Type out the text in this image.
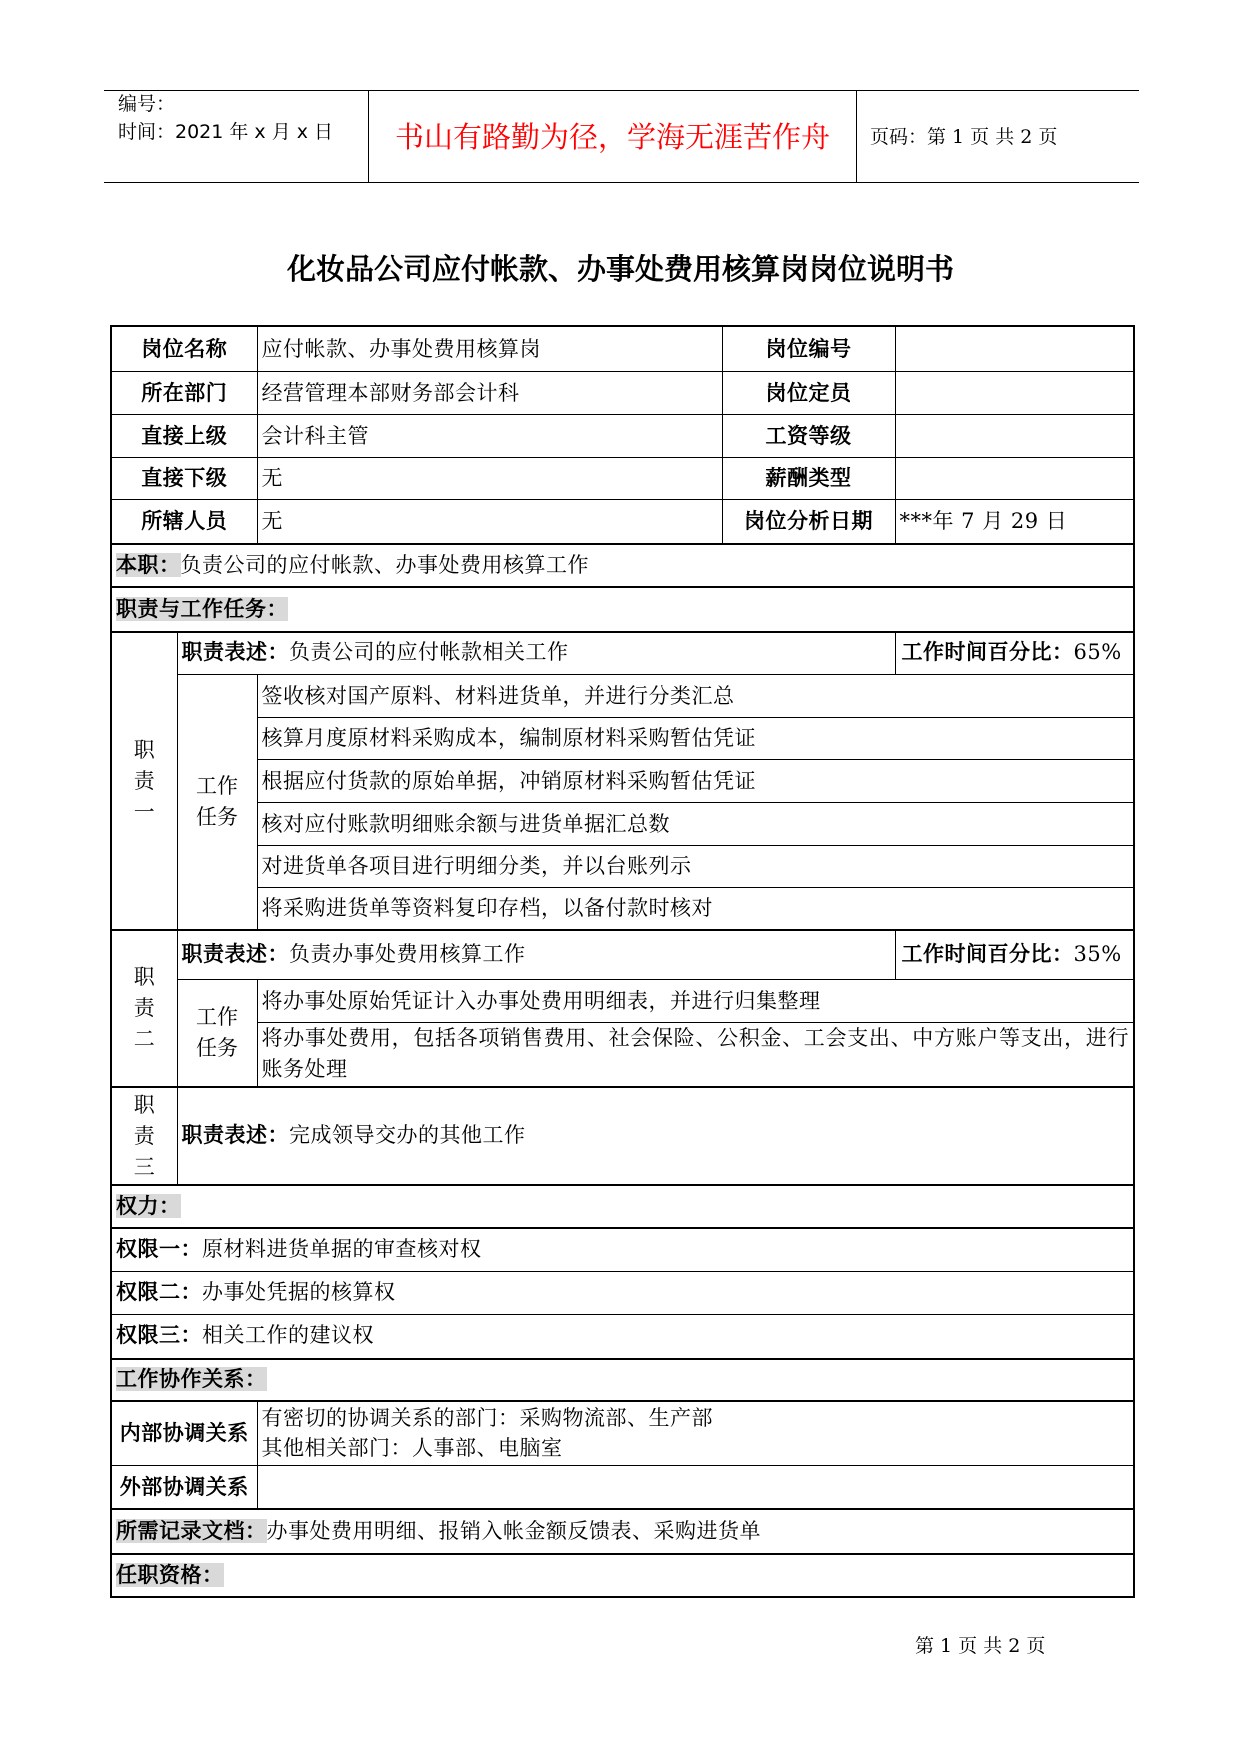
编号：
时间：2021 年 x 月 x 日	书山有路勤为径，学海无涯苦作舟	页码：第 1 页 共 2 页
化妆品公司应付帐款、办事处费用核算岗岗位说明书
岗位名称		应付帐款、办事处费用核算岗	岗位编号	
所在部门		经营管理本部财务部会计科	岗位定员	
直接上级		会计科主管	工资等级	
直接下级		无	薪酬类型	
所辖人员		无	岗位分析日期	***年 7 月 29 日
本职：负责公司的应付帐款、办事处费用核算工作				
职责与工作任务：				

职责一	职责表述：负责公司的应付帐款相关工作			工作时间百分比：65%

	工作任务	签收核对国产原料、材料进货单，并进行分类汇总		
		核算月度原材料采购成本，编制原材料采购暂估凭证		
		根据应付货款的原始单据，冲销原材料采购暂估凭证		
		核对应付账款明细账余额与进货单据汇总数		
		对进货单各项目进行明细分类，并以台账列示		
		将采购进货单等资料复印存档，以备付款时核对		

职责二	职责表述：负责办事处费用核算工作			工作时间百分比：35%

	工作任务	将办事处原始凭证计入办事处费用明细表，并进行归集整理		
		将办事处费用，包括各项销售费用、社会保险、公积金、工会支出、中方账户等支出，进行账务处理		

职责三	职责表述：完成领导交办的其他工作			
权力：				
权限一：原材料进货单据的审查核对权				
权限二：办事处凭据的核算权				
权限三：相关工作的建议权				
工作协作关系：				
内部协调关系		有密切的协调关系的部门：采购物流部、生产部
其他相关部门：人事部、电脑室		

外部协调关系				
所需记录文档：办事处费用明细、报销入帐金额反馈表、采购进货单				
任职资格：				
第 1 页 共 2 页
